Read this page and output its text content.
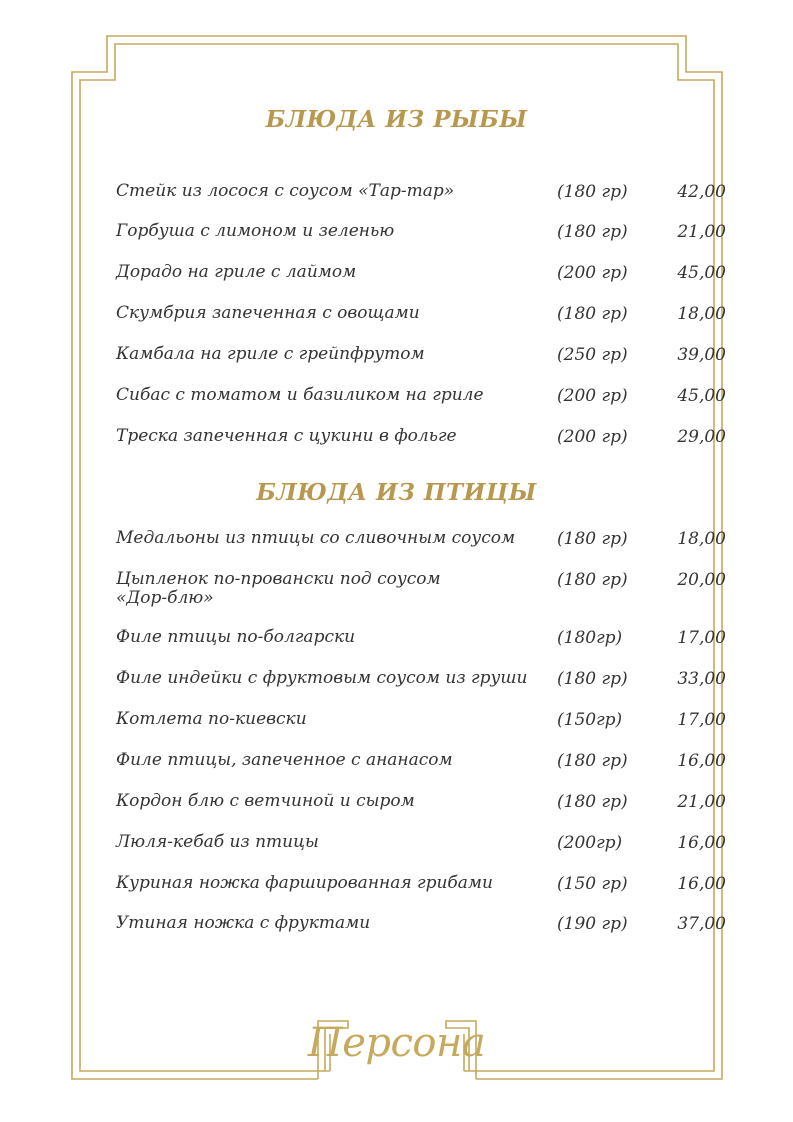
БЛЮДА ИЗ РЫБЫ
Стейк из лосося с соусом «Тар-тар»	(180 гр)	42,00
Горбуша с лимоном и зеленью	(180 гр)	21,00
Дорадо на гриле с лаймом	(200 гр)	45,00
Скумбрия запеченная с овощами	(180 гр)	18,00
Камбала на гриле с грейпфрутом	(250 гр)	39,00
Сибас с томатом и базиликом на гриле	(200 гр)	45,00
Треска запеченная с цукини в фольге	(200 гр)	29,00
БЛЮДА ИЗ ПТИЦЫ
Медальоны из птицы со сливочным соусом	(180 гр)	18,00
Цыпленок по-провански под соусом «Дор-блю»
(180 гр)	20,00
Филе птицы по-болгарски	(180гр)	17,00
Филе индейки с фруктовым соусом из груши	(180 гр)	33,00
Котлета по-киевски	(150гр)	17,00
Филе птицы, запеченное с ананасом	(180 гр)	16,00
Кордон блю с ветчиной и сыром	(180 гр)	21,00
Люля-кебаб из птицы	(200гр)	16,00
Куриная ножка фаршированная грибами	(150 гр)	16,00
Утиная ножка с фруктами	(190 гр)	37,00
Персона
